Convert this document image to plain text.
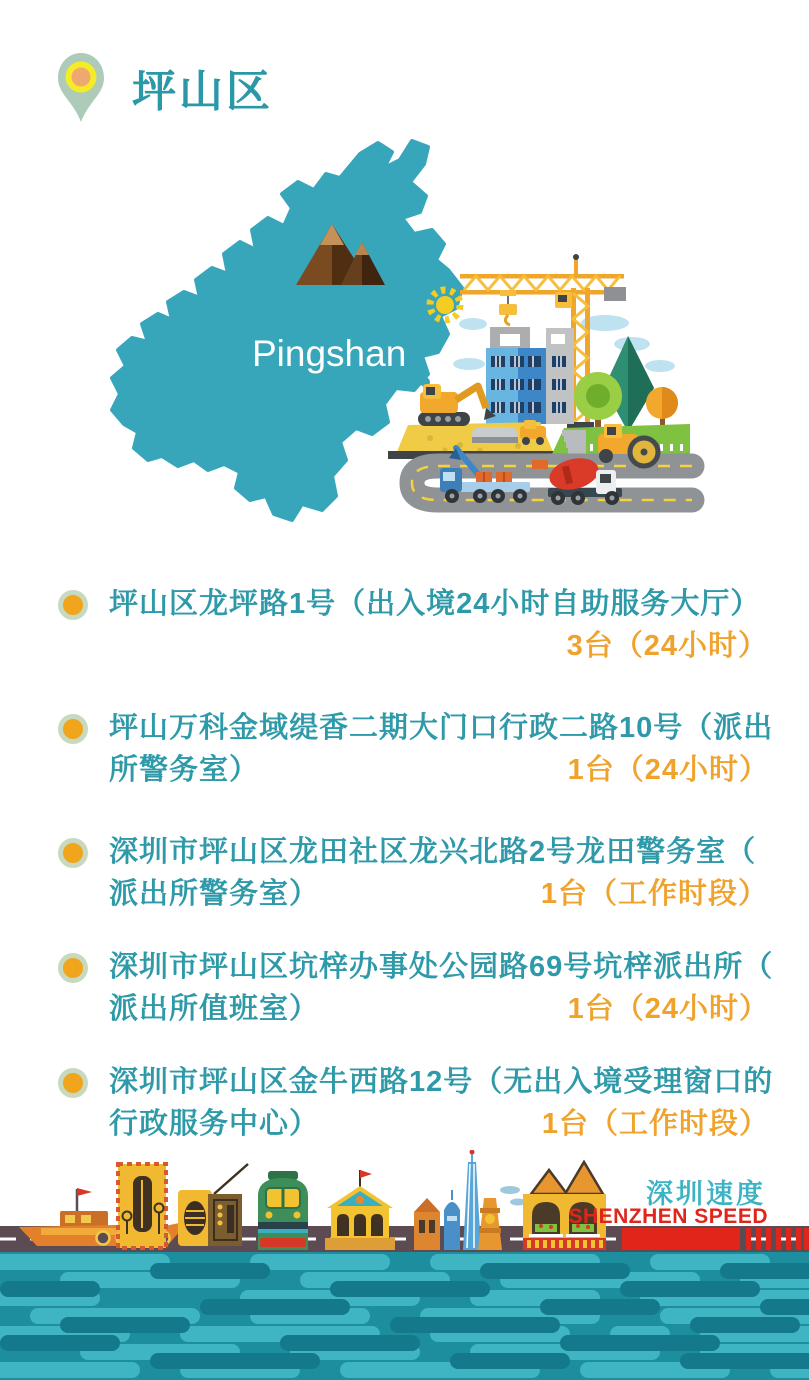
坪山区
Pingshan
坪山区龙坪路1号（出入境24小时自助服务大厅）
3台（24小时）
坪山万科金域缇香二期大门口行政二路10号（派出
所警务室）	1台（24小时）
深圳市坪山区龙田社区龙兴北路2号龙田警务室（
派出所警务室）	1台（工作时段）
深圳市坪山区坑梓办事处公园路69号坑梓派出所（
派出所值班室）	1台（24小时）
深圳市坪山区金牛西路12号（无出入境受理窗口的
行政服务中心）	1台（工作时段）
深圳速度
SHENZHEN SPEED
